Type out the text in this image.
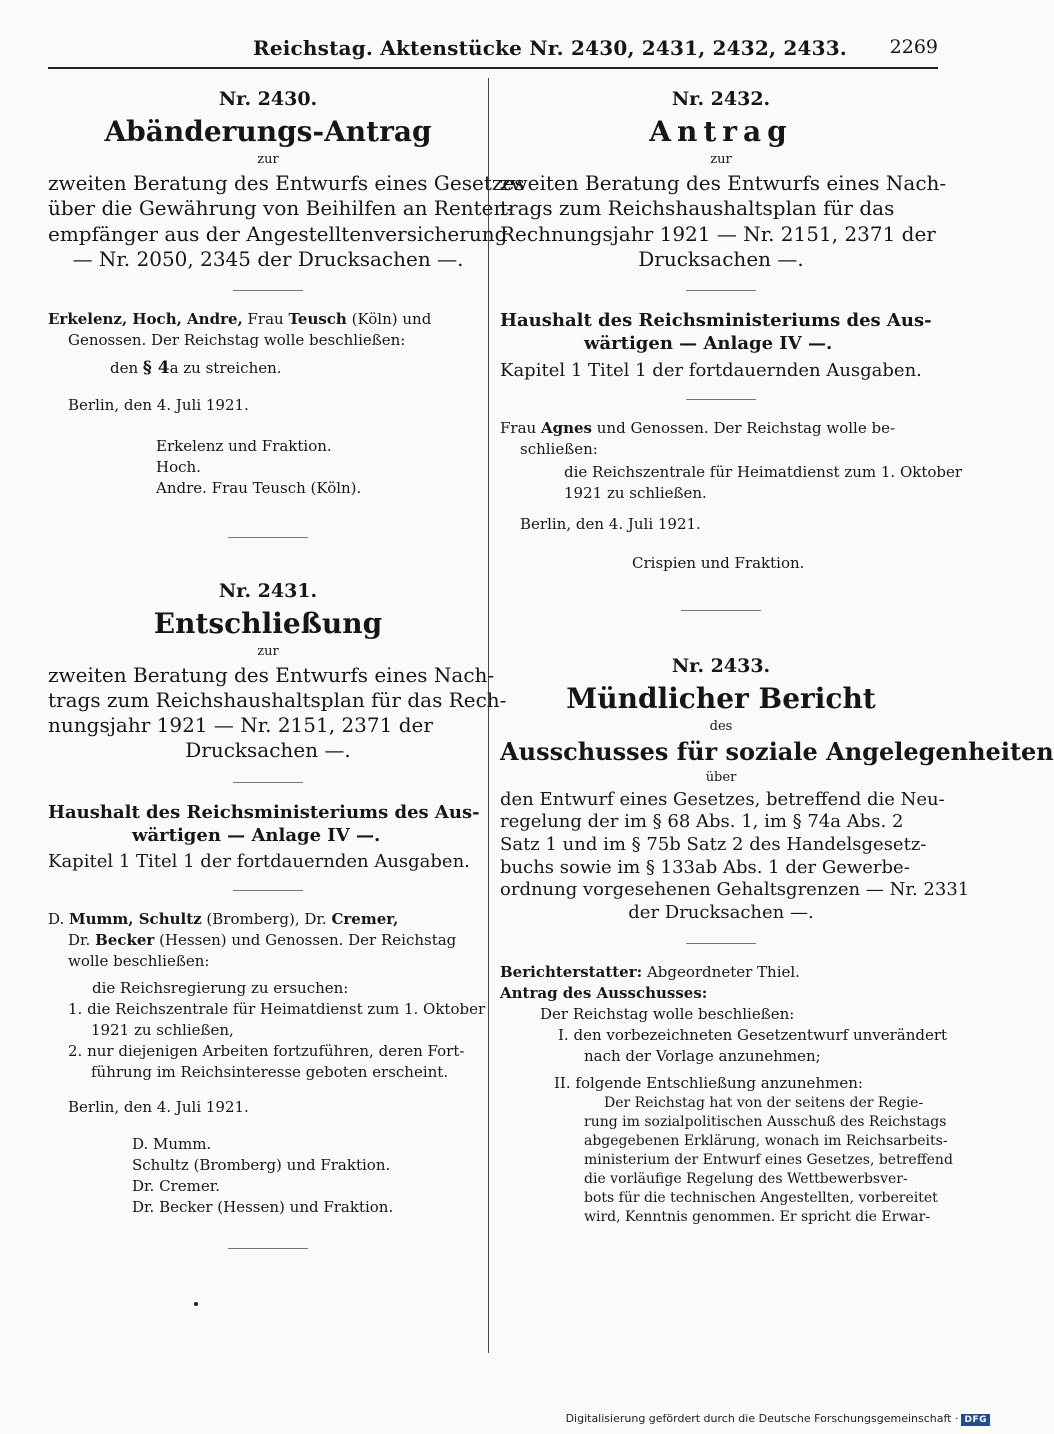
Reichstag. Aktenstücke Nr. 2430, 2431, 2432, 2433. 2269

Nr. 2430.

Abänderungs-Antrag

zur

zweiten Beratung des Entwurfs eines Gesetzes
über die Gewährung von Beihilfen an Renten-
empfänger aus der Angestelltenversicherung
— Nr. 2050, 2345 der Drucksachen —.

Erkelenz, Hoch, Andre, Frau Teusch (Köln) und
Genossen. Der Reichstag wolle beschließen:

den § 4a zu streichen.

Berlin, den 4. Juli 1921.

Erkelenz und Fraktion.
Hoch.
Andre. Frau Teusch (Köln).

Nr. 2431.

Entschließung

zur

zweiten Beratung des Entwurfs eines Nach-
trags zum Reichshaushaltsplan für das Rech-
nungsjahr 1921 — Nr. 2151, 2371 der
Drucksachen —.

Haushalt des Reichsministeriums des Aus-
wärtigen — Anlage IV —.

Kapitel 1 Titel 1 der fortdauernden Ausgaben.

D. Mumm, Schultz (Bromberg), Dr. Cremer,
Dr. Becker (Hessen) und Genossen. Der Reichstag
wolle beschließen:

die Reichsregierung zu ersuchen:

1. die Reichszentrale für Heimatdienst zum 1. Oktober
1921 zu schließen,
2. nur diejenigen Arbeiten fortzuführen, deren Fort-
führung im Reichsinteresse geboten erscheint.

Berlin, den 4. Juli 1921.

D. Mumm.
Schultz (Bromberg) und Fraktion.
Dr. Cremer.
Dr. Becker (Hessen) und Fraktion.

Nr. 2432.

Antrag

zur

zweiten Beratung des Entwurfs eines Nach-
trags zum Reichshaushaltsplan für das
Rechnungsjahr 1921 — Nr. 2151, 2371 der
Drucksachen —.

Haushalt des Reichsministeriums des Aus-
wärtigen — Anlage IV —.

Kapitel 1 Titel 1 der fortdauernden Ausgaben.

Frau Agnes und Genossen. Der Reichstag wolle be-
schließen:

die Reichszentrale für Heimatdienst zum 1. Oktober
1921 zu schließen.

Berlin, den 4. Juli 1921.

Crispien und Fraktion.

Nr. 2433.

Mündlicher Bericht

des

Ausschusses für soziale Angelegenheiten

über

den Entwurf eines Gesetzes, betreffend die Neu-
regelung der im § 68 Abs. 1, im § 74a Abs. 2
Satz 1 und im § 75b Satz 2 des Handelsgesetz-
buchs sowie im § 133ab Abs. 1 der Gewerbe-
ordnung vorgesehenen Gehaltsgrenzen — Nr. 2331
der Drucksachen —.

Berichterstatter: Abgeordneter Thiel.

Antrag des Ausschusses:

Der Reichstag wolle beschließen:

I. den vorbezeichneten Gesetzentwurf unverändert
nach der Vorlage anzunehmen;

II. folgende Entschließung anzunehmen:

Der Reichstag hat von der seitens der Regie-
rung im sozialpolitischen Ausschuß des Reichstags
abgegebenen Erklärung, wonach im Reichsarbeits-
ministerium der Entwurf eines Gesetzes, betreffend
die vorläufige Regelung des Wettbewerbsver-
bots für die technischen Angestellten, vorbereitet
wird, Kenntnis genommen. Er spricht die Erwar-

Digitalisierung gefördert durch die Deutsche Forschungsgemeinschaft · DFG
